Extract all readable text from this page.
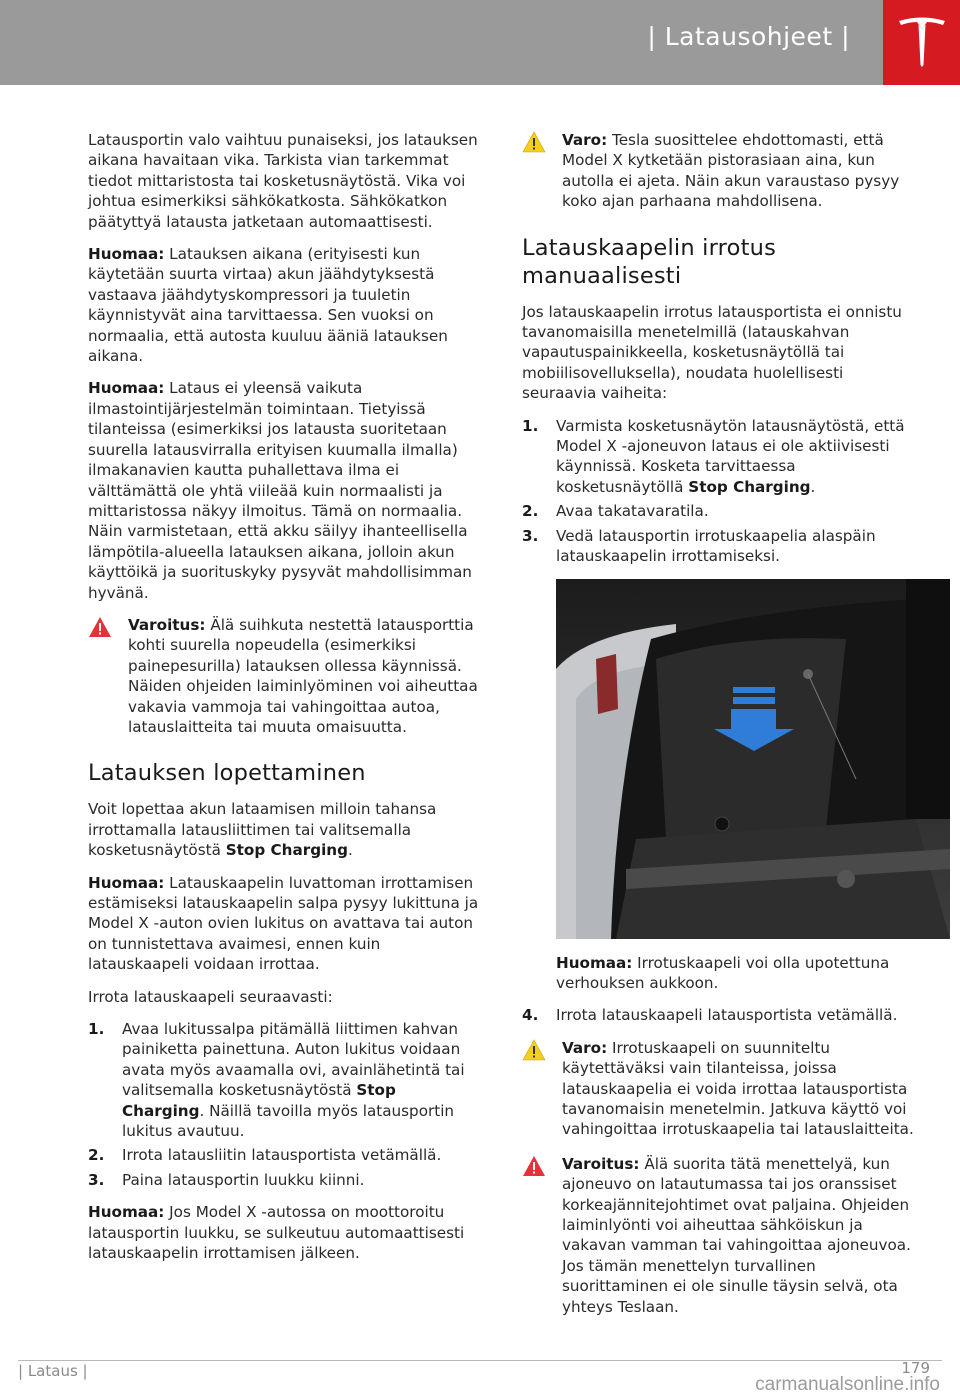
| Latausohjeet |

Latausportin valo vaihtuu punaiseksi, jos latauksen aikana havaitaan vika. Tarkista vian tarkemmat tiedot mittaristosta tai kosketusnäytöstä. Vika voi johtua esimerkiksi sähkökatkosta. Sähkökatkon päätyttyä latausta jatketaan automaattisesti.

Huomaa: Latauksen aikana (erityisesti kun käytetään suurta virtaa) akun jäähdytyksestä vastaava jäähdytyskompressori ja tuuletin käynnistyvät aina tarvittaessa. Sen vuoksi on normaalia, että autosta kuuluu ääniä latauksen aikana.

Huomaa: Lataus ei yleensä vaikuta ilmastointijärjestelmän toimintaan. Tietyissä tilanteissa (esimerkiksi jos latausta suoritetaan suurella latausvirralla erityisen kuumalla ilmalla) ilmakanavien kautta puhallettava ilma ei välttämättä ole yhtä viileää kuin normaalisti ja mittaristossa näkyy ilmoitus. Tämä on normaalia. Näin varmistetaan, että akku säilyy ihanteellisella lämpötila-alueella latauksen aikana, jolloin akun käyttöikä ja suorituskyky pysyvät mahdollisimman hyvänä.

Varoitus: Älä suihkuta nestettä latausporttia kohti suurella nopeudella (esimerkiksi painepesurilla) latauksen ollessa käynnissä. Näiden ohjeiden laiminlyöminen voi aiheuttaa vakavia vammoja tai vahingoittaa autoa, latauslaitteita tai muuta omaisuutta.
Latauksen lopettaminen

Voit lopettaa akun lataamisen milloin tahansa irrottamalla latausliittimen tai valitsemalla kosketusnäytöstä Stop Charging.

Huomaa: Latauskaapelin luvattoman irrottamisen estämiseksi latauskaapelin salpa pysyy lukittuna ja Model X -auton ovien lukitus on avattava tai auton on tunnistettava avaimesi, ennen kuin latauskaapeli voidaan irrottaa.

Irrota latauskaapeli seuraavasti:

1. Avaa lukitussalpa pitämällä liittimen kahvan painiketta painettuna. Auton lukitus voidaan avata myös avaamalla ovi, avainlähetintä tai valitsemalla kosketusnäytöstä Stop Charging. Näillä tavoilla myös latausportin lukitus avautuu.
2. Irrota latausliitin latausportista vetämällä.
3. Paina latausportin luukku kiinni.

Huomaa: Jos Model X -autossa on moottoroitu latausportin luukku, se sulkeutuu automaattisesti latauskaapelin irrottamisen jälkeen.

Varo: Tesla suosittelee ehdottomasti, että Model X kytketään pistorasiaan aina, kun autolla ei ajeta. Näin akun varaustaso pysyy koko ajan parhaana mahdollisena.
Latauskaapelin irrotus manuaalisesti

Jos latauskaapelin irrotus latausportista ei onnistu tavanomaisilla menetelmillä (latauskahvan vapautuspainikkeella, kosketusnäytöllä tai mobiilisovelluksella), noudata huolellisesti seuraavia vaiheita:

1. Varmista kosketusnäytön latausnäytöstä, että Model X -ajoneuvon lataus ei ole aktiivisesti käynnissä. Kosketa tarvittaessa kosketusnäytöllä Stop Charging.
2. Avaa takatavaratila.
3. Vedä latausportin irrotuskaapelia alaspäin latauskaapelin irrottamiseksi.

Huomaa: Irrotuskaapeli voi olla upotettuna verhouksen aukkoon.

4. Irrota latauskaapeli latausportista vetämällä.
Varo: Irrotuskaapeli on suunniteltu käytettäväksi vain tilanteissa, joissa latauskaapelia ei voida irrottaa latausportista tavanomaisin menetelmin. Jatkuva käyttö voi vahingoittaa irrotuskaapelia tai latauslaitteita.
Varoitus: Älä suorita tätä menettelyä, kun ajoneuvo on latautumassa tai jos oranssiset korkeajännitejohtimet ovat paljaina. Ohjeiden laiminlyönti voi aiheuttaa sähköiskun ja vakavan vamman tai vahingoittaa ajoneuvoa. Jos tämän menettelyn turvallinen suorittaminen ei ole sinulle täysin selvä, ota yhteys Teslaan.
| Lataus |	179
carmanualsonline.info
